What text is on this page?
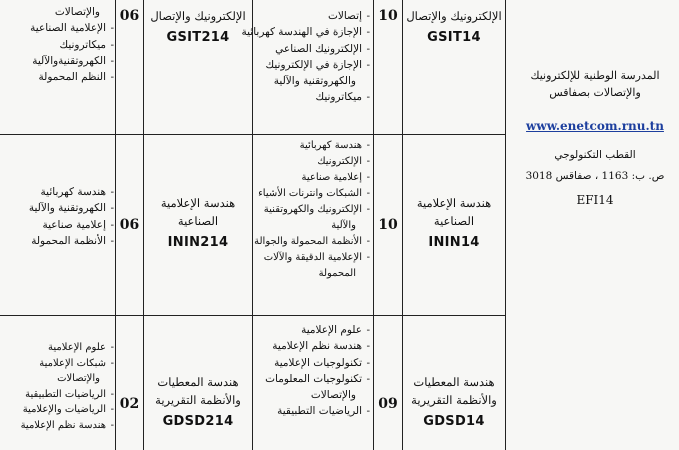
والإتصالات
- الإعلامية الصناعية
- ميكاترونيك
- الكهروتقنيةوالآلية
- النظم المحمولة
06 الإلكترونيك والإتصال
GSIT214
- إتصالات
- الإجازة في الهندسة كهربائية
- الإلكترونيك الصناعي
- الإجازة في الإلكترونيك
والكهروتقنية والآلية
- ميكاترونيك
10 الإلكترونيك والإتصال
GSIT14
- هندسة كهربائية
- الكهروتقنية والآلية
- إعلامية صناعية
- الأنظمة المحمولة
06
هندسة الإعلامية
الصناعية
ININ214
- هندسة كهربائية
- الإلكترونيك
- إعلامية صناعية
- الشبكات وانترنات الأشياء
- الإلكترونيك والكهروتقنية
والآلية
- الأنظمة المحمولة والجوالة
- الإعلامية الدقيقة والآلات
المحمولة
10
هندسة الإعلامية
الصناعية
ININ14
- علوم الإعلامية
- شبكات الإعلامية
والإتصالات
- الرياضيات التطبيقية
- الرياضيات والإعلامية
- هندسة نظم الإعلامية
02
هندسة المعطيات
والأنظمة التقريرية
GDSD214
- علوم الإعلامية
- هندسة نظم الإعلامية
- تكنولوجيات الإعلامية
- تكنولوجيات المعلومات
والإتصالات
- الرياضيات التطبيقية	09
هندسة المعطيات
والأنظمة التقريرية
GDSD14
المدرسة الوطنية للإلكترونيك
والإتصالات بصفاقس
www.enetcom.rnu.tn
القطب التكنولوجي
ص. ب: 1163 ، صفاقس 3018
EFI14
